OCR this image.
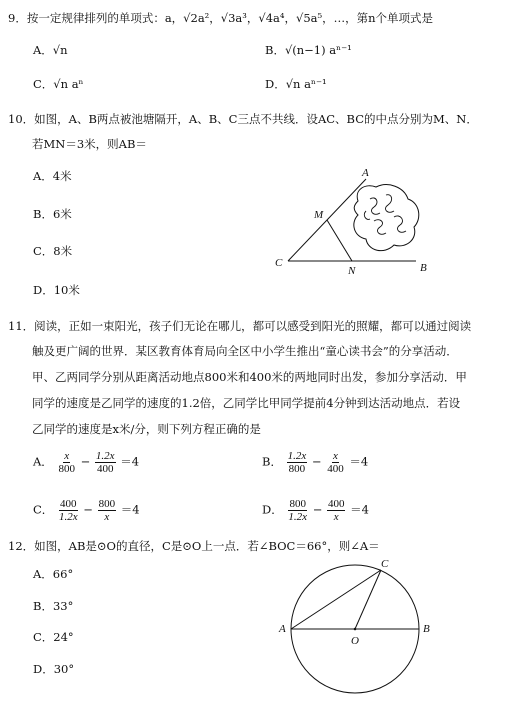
9．按一定规律排列的单项式：a，√2a²，√3a³，√4a⁴，√5a⁵，…，第n个单项式是
A．√n	B．√(n−1) aⁿ⁻¹
C．√n aⁿ	D．√n aⁿ⁻¹
10．如图，A、B两点被池塘隔开，A、B、C三点不共线．设AC、BC的中点分别为M、N．
若MN＝3米，则AB＝
A．4米
B．6米
C．8米
D．10米
A
B
C
M
N
11．阅读，正如一束阳光，孩子们无论在哪儿，都可以感受到阳光的照耀，都可以通过阅读
触及更广阔的世界．某区教育体育局向全区中小学生推出“童心读书会”的分享活动．
甲、乙两同学分别从距离活动地点800米和400米的两地同时出发，参加分享活动．甲
同学的速度是乙同学的速度的1.2倍，乙同学比甲同学提前4分钟到达活动地点．若设
乙同学的速度是x米/分，则下列方程正确的是
A． $\frac{x}{800} - \frac{1.2x}{400} =4$	B． $\frac{1.2x}{800} - \frac{x}{400} =4$
C． $\frac{400}{1.2x} - \frac{800}{x} =4$	D． $\frac{800}{1.2x} - \frac{400}{x} =4$
12．如图，AB是⊙O的直径，C是⊙O上一点．若∠BOC＝66°，则∠A＝
A．66°
B．33°
C．24°
D．30°
A	B
C
O
